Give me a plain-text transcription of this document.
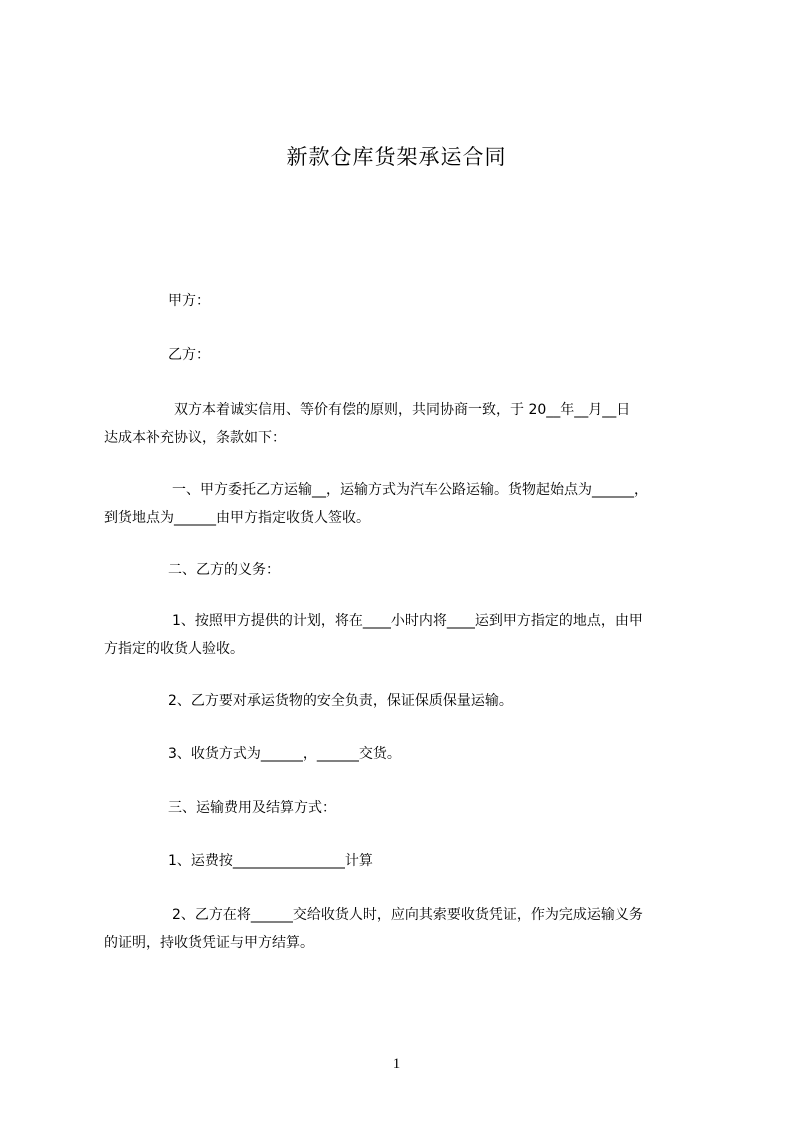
新款仓库货架承运合同
甲方：
乙方：
双方本着诚实信用、等价有偿的原则，共同协商一致，于 20__年__月__日
达成本补充协议，条款如下：
一、甲方委托乙方运输__，运输方式为汽车公路运输。货物起始点为______，
到货地点为______由甲方指定收货人签收。
二、乙方的义务：
1、按照甲方提供的计划，将在____小时内将____运到甲方指定的地点，由甲
方指定的收货人验收。
2、乙方要对承运货物的安全负责，保证保质保量运输。
3、收货方式为______，______交货。
三、运输费用及结算方式：
1、运费按________________计算
2、乙方在将______交给收货人时，应向其索要收货凭证，作为完成运输义务
的证明，持收货凭证与甲方结算。
1
